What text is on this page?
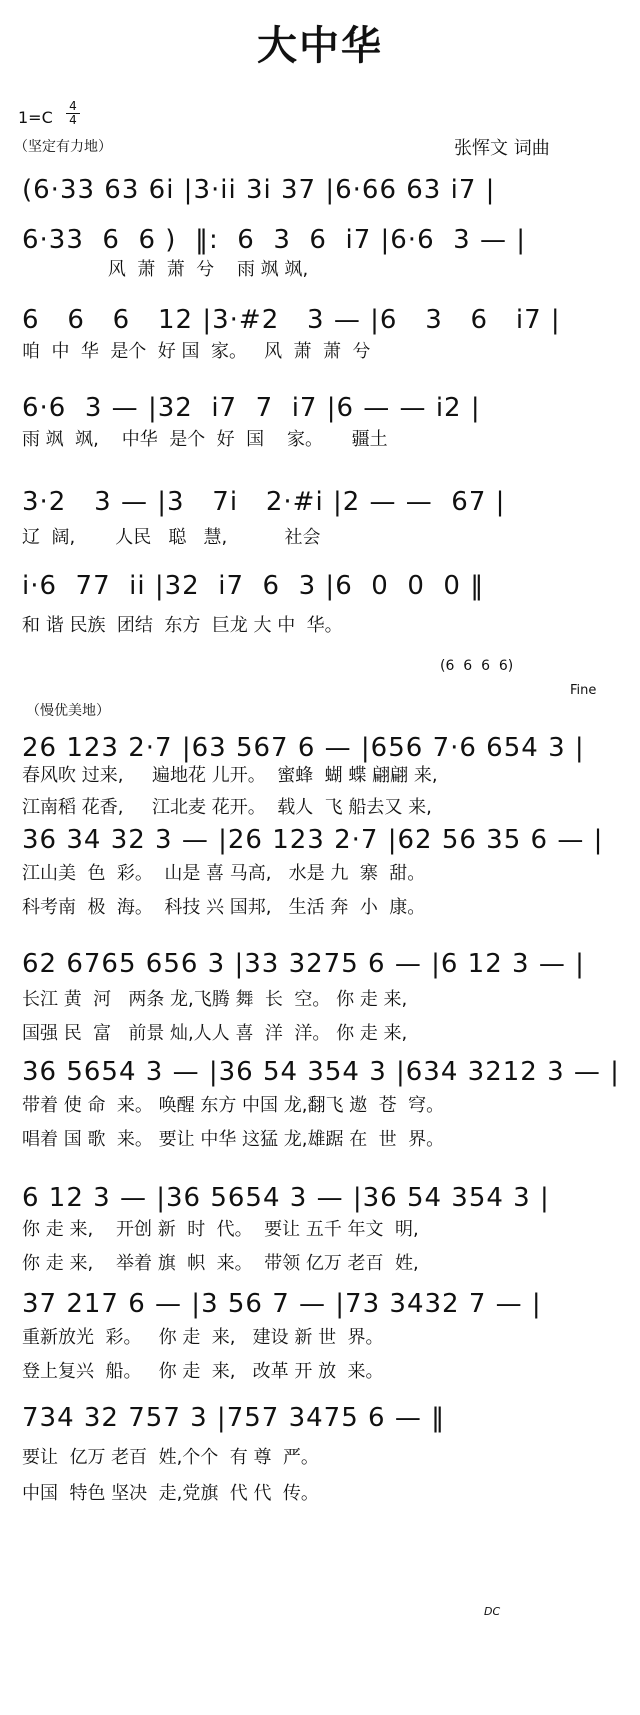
大中华
1=C
4
4
（坚定有力地）	张恽文 词曲
(6·33 63 6i |3·ii 3i 37 |6·66 63 i7 |
6·33  6  6 )  ‖:  6  3  6  i7 |6·6  3 — |
风  萧  萧  兮    雨 飒 飒,
6   6   6   12 |3·#2   3 — |6   3   6   i7 |
咱  中  华  是个  好 国  家。   风  萧  萧  兮
6·6  3 — |32  i7  7  i7 |6 — — i2 |
雨 飒  飒,    中华  是个  好  国    家。     疆土
3·2   3 — |3   7i   2·#i |2 — —  67 |
辽  阔,       人民   聪   慧,          社会
i·6  77  ii |32  i7  6  3 |6  0  0  0 ‖
和 谐 民族  团结  东方  巨龙 大 中  华。
26 123 2·7 |63 567 6 — |656 7·6 654 3 |
春风吹 过来,     遍地花 儿开。  蜜蜂  蝴 蝶 翩翩 来,
江南稻 花香,     江北麦 花开。  载人  飞 船去又 来,
36 34 32 3 — |26 123 2·7 |62 56 35 6 — |
江山美  色  彩。  山是 喜 马高,   水是 九  寨  甜。
科考南  极  海。  科技 兴 国邦,   生活 奔  小  康。
62 6765 656 3 |33 3275 6 — |6 12 3 — |
长江 黄  河   两条 龙,飞腾 舞  长  空。 你 走 来,
国强 民  富   前景 灿,人人 喜  洋  洋。 你 走 来,
36 5654 3 — |36 54 354 3 |634 3212 3 — |
带着 使 命  来。 唤醒 东方 中国 龙,翻飞 遨  苍  穹。
唱着 国 歌  来。 要让 中华 这猛 龙,雄踞 在  世  界。
6 12 3 — |36 5654 3 — |36 54 354 3 |
你 走 来,    开创 新  时  代。  要让 五千 年文  明,
你 走 来,    举着 旗  帜  来。  带领 亿万 老百  姓,
37 217 6 — |3 56 7 — |73 3432 7 — |
重新放光  彩。   你 走  来,   建设 新 世  界。
登上复兴  船。   你 走  来,   改革 开 放  来。
734 32 757 3 |757 3475 6 — ‖
要让  亿万 老百  姓,个个  有 尊  严。
中国  特色 坚决  走,党旗  代 代  传。
(6  6  6  6)
Fine
（慢优美地）
DC
